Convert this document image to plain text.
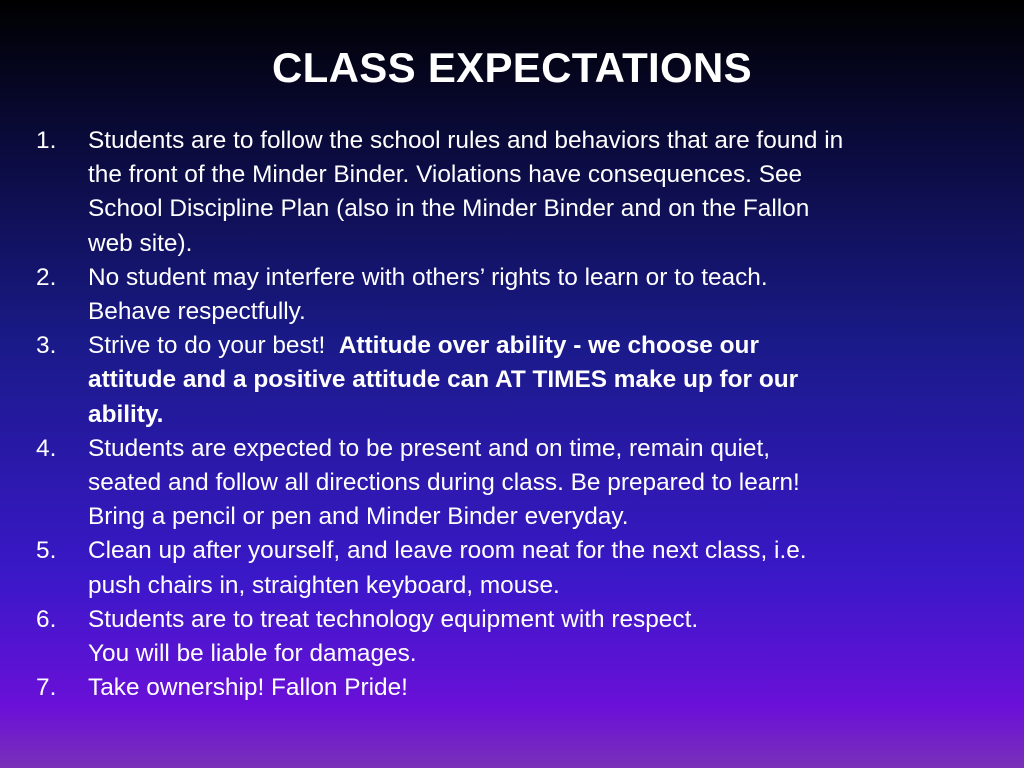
CLASS EXPECTATIONS
1.	Students are to follow the school rules and behaviors that are found in
the front of the Minder Binder. Violations have consequences. See
School Discipline Plan (also in the Minder Binder and on the Fallon
web site).
2.	No student may interfere with others’ rights to learn or to teach.
Behave respectfully.
3.	Strive to do your best!  Attitude over ability - we choose our
attitude and a positive attitude can AT TIMES make up for our
ability.
4.	Students are expected to be present and on time, remain quiet,
seated and follow all directions during class. Be prepared to learn!
Bring a pencil or pen and Minder Binder everyday.
5.	Clean up after yourself, and leave room neat for the next class, i.e.
push chairs in, straighten keyboard, mouse.
6.	Students are to treat technology equipment with respect.
You will be liable for damages.
7.	Take ownership! Fallon Pride!
